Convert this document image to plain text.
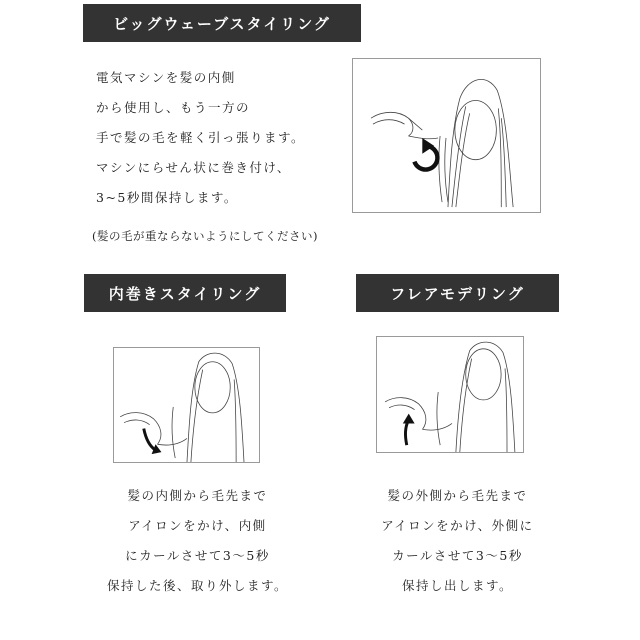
ビッグウェーブスタイリング
電気マシンを髪の内側
から使用し、もう一方の
手で髪の毛を軽く引っ張ります。
マシンにらせん状に巻き付け、
3~5秒間保持します。
(髪の毛が重ならないようにしてください)
内巻きスタイリング
髪の内側から毛先まで
アイロンをかけ、内側
にカールさせて3～5秒
保持した後、取り外します。
フレアモデリング
髪の外側から毛先まで
アイロンをかけ、外側に
カールさせて3～5秒
保持し出します。
